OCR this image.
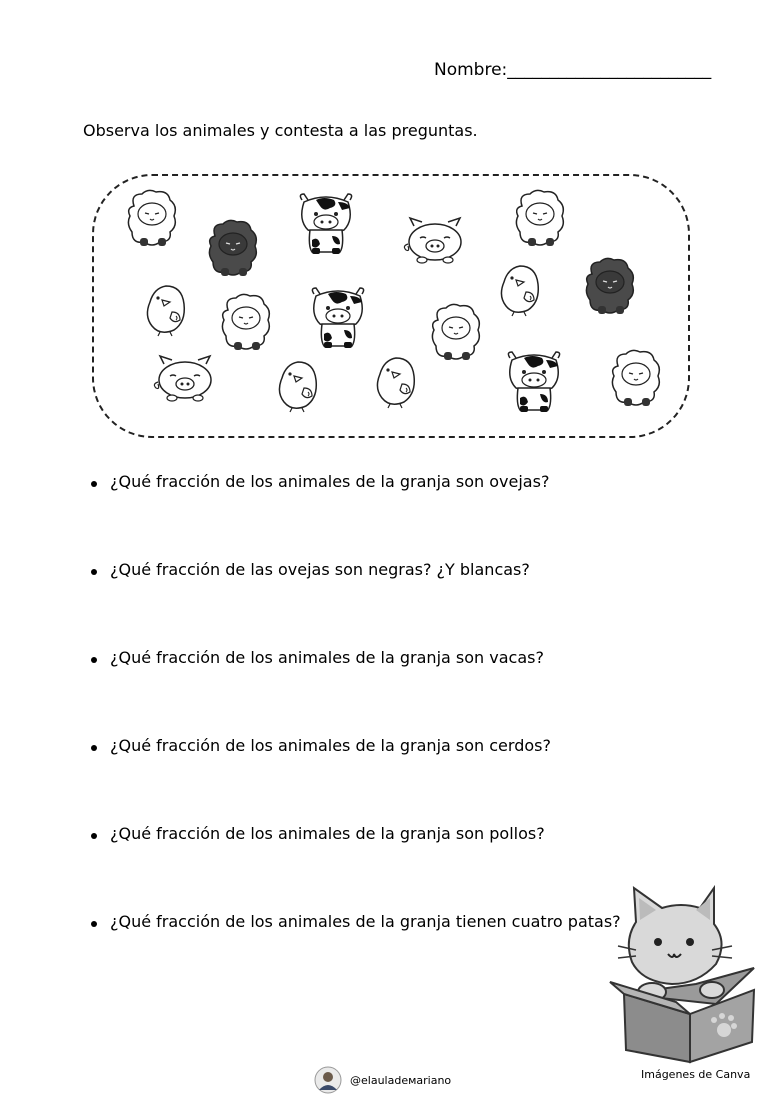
Nombre:________________________
Observa los animales y contesta a las preguntas.
¿Qué fracción de los animales de la granja son ovejas?
¿Qué fracción de las ovejas son negras? ¿Y blancas?
¿Qué fracción de los animales de la granja son vacas?
¿Qué fracción de los animales de la granja son cerdos?
¿Qué fracción de los animales de la granja son pollos?
¿Qué fracción de los animales de la granja tienen cuatro patas?
Imágenes de Canva
@elauladeмariano
